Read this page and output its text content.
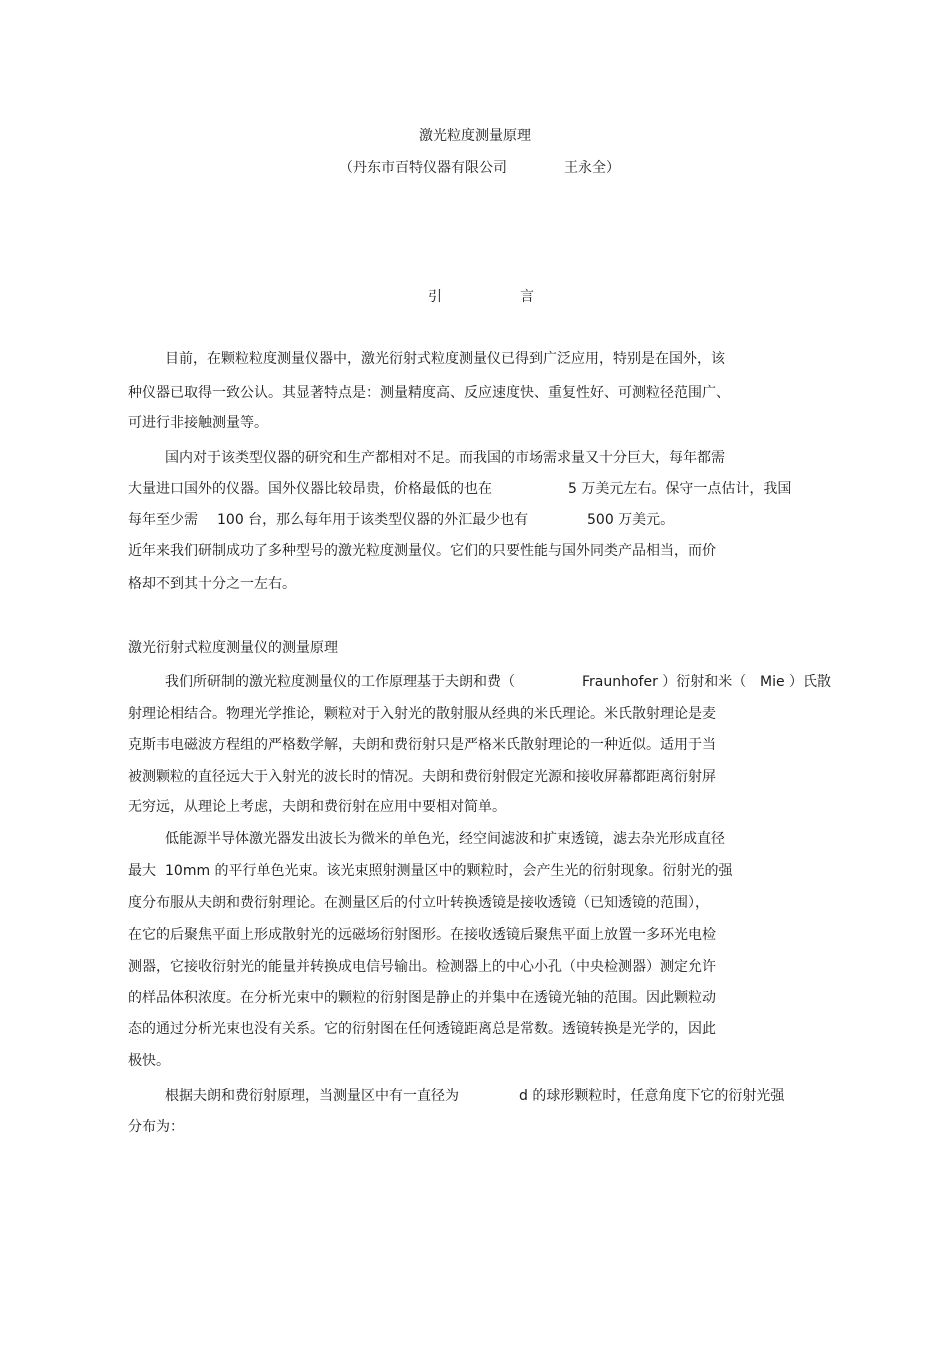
激光粒度测量原理
（丹东市百特仪器有限公司	王永全）
引	言
目前，在颗粒粒度测量仪器中，激光衍射式粒度测量仪已得到广泛应用，特别是在国外，该
种仪器已取得一致公认。其显著特点是：测量精度高、反应速度快、重复性好、可测粒径范围广、
可进行非接触测量等。
国内对于该类型仪器的研究和生产都相对不足。而我国的市场需求量又十分巨大，每年都需
大量进口国外的仪器。国外仪器比较昂贵，价格最低的也在	5 万美元左右。保守一点估计，我国
每年至少需 100 台，那么每年用于该类型仪器的外汇最少也有	500 万美元。
近年来我们研制成功了多种型号的激光粒度测量仪。它们的只要性能与国外同类产品相当，而价
格却不到其十分之一左右。
激光衍射式粒度测量仪的测量原理
我们所研制的激光粒度测量仪的工作原理基于夫朗和费（	Fraunhofer ）衍射和米（ Mie ）氏散
射理论相结合。物理光学推论，颗粒对于入射光的散射服从经典的米氏理论。米氏散射理论是麦
克斯韦电磁波方程组的严格数学解，夫朗和费衍射只是严格米氏散射理论的一种近似。适用于当
被测颗粒的直径远大于入射光的波长时的情况。夫朗和费衍射假定光源和接收屏幕都距离衍射屏
无穷远，从理论上考虑，夫朗和费衍射在应用中要相对简单。
低能源半导体激光器发出波长为微米的单色光，经空间滤波和扩束透镜，滤去杂光形成直径
最大 10mm 的平行单色光束。该光束照射测量区中的颗粒时，会产生光的衍射现象。衍射光的强
度分布服从夫朗和费衍射理论。在测量区后的付立叶转换透镜是接收透镜（已知透镜的范围），
在它的后聚焦平面上形成散射光的远磁场衍射图形。在接收透镜后聚焦平面上放置一多环光电检
测器，它接收衍射光的能量并转换成电信号输出。检测器上的中心小孔（中央检测器）测定允许
的样品体积浓度。在分析光束中的颗粒的衍射图是静止的并集中在透镜光轴的范围。因此颗粒动
态的通过分析光束也没有关系。它的衍射图在任何透镜距离总是常数。透镜转换是光学的，因此
极快。
根据夫朗和费衍射原理，当测量区中有一直径为	d 的球形颗粒时，任意角度下它的衍射光强
分布为：
